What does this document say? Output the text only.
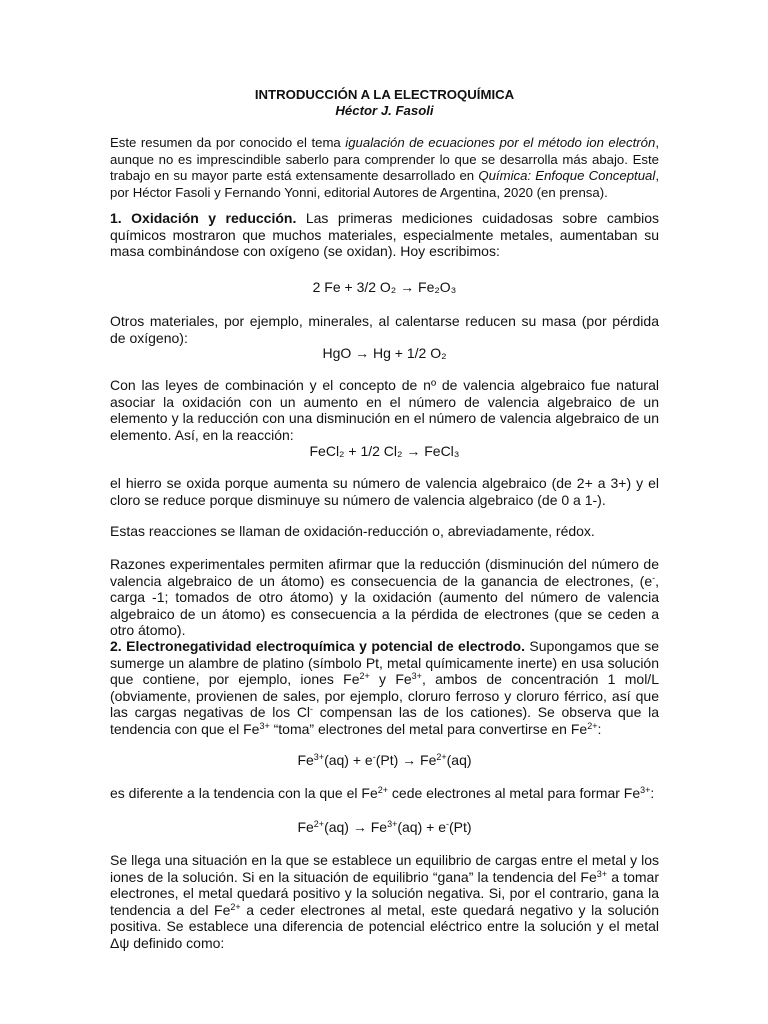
INTRODUCCIÓN A LA ELECTROQUÍMICA
Héctor J. Fasoli
Este resumen da por conocido el tema igualación de ecuaciones por el método ion electrón, aunque no es imprescindible saberlo para comprender lo que se desarrolla más abajo. Este trabajo en su mayor parte está extensamente desarrollado en Química: Enfoque Conceptual, por Héctor Fasoli y Fernando Yonni, editorial Autores de Argentina, 2020 (en prensa).
1. Oxidación y reducción. Las primeras mediciones cuidadosas sobre cambios químicos mostraron que muchos materiales, especialmente metales, aumentaban su masa combinándose con oxígeno (se oxidan). Hoy escribimos:
2 Fe + 3/2 O₂ → Fe₂O₃
Otros materiales, por ejemplo, minerales, al calentarse reducen su masa (por pérdida de oxígeno):
HgO → Hg + 1/2 O₂
Con las leyes de combinación y el concepto de nº de valencia algebraico fue natural asociar la oxidación con un aumento en el número de valencia algebraico de un elemento y la reducción con una disminución en el número de valencia algebraico de un elemento. Así, en la reacción:
FeCl₂ + 1/2 Cl₂ → FeCl₃
el hierro se oxida porque aumenta su número de valencia algebraico (de 2+ a 3+) y el cloro se reduce porque disminuye su número de valencia algebraico (de 0 a 1-).
Estas reacciones se llaman de oxidación-reducción o, abreviadamente, rédox.
Razones experimentales permiten afirmar que la reducción (disminución del número de valencia algebraico de un átomo) es consecuencia de la ganancia de electrones, (e-, carga -1; tomados de otro átomo) y la oxidación (aumento del número de valencia algebraico de un átomo) es consecuencia a la pérdida de electrones (que se ceden a otro átomo).
2. Electronegatividad electroquímica y potencial de electrodo. Supongamos que se sumerge un alambre de platino (símbolo Pt, metal químicamente inerte) en usa solución que contiene, por ejemplo, iones $Fe^{2+}$ y $Fe^{3+}$, ambos de concentración 1 mol/L (obviamente, provienen de sales, por ejemplo, cloruro ferroso y cloruro férrico, así que las cargas negativas de los Cl- compensan las de los cationes). Se observa que la tendencia con que el $Fe^{3+}$ “toma” electrones del metal para convertirse en $Fe^{2+}$:
$Fe^{3+}(aq) + e^-(Pt) \to Fe^{2+}(aq)$
es diferente a la tendencia con la que el $Fe^{2+}$ cede electrones al metal para formar $Fe^{3+}$:
$Fe^{2+}(aq) \to Fe^{3+}(aq) + e^-(Pt)$
Se llega una situación en la que se establece un equilibrio de cargas entre el metal y los iones de la solución. Si en la situación de equilibrio “gana” la tendencia del $Fe^{3+}$ a tomar electrones, el metal quedará positivo y la solución negativa. Si, por el contrario, gana la tendencia a del $Fe^{2+}$ a ceder electrones al metal, este quedará negativo y la solución positiva. Se establece una diferencia de potencial eléctrico entre la solución y el metal Δψ definido como:
